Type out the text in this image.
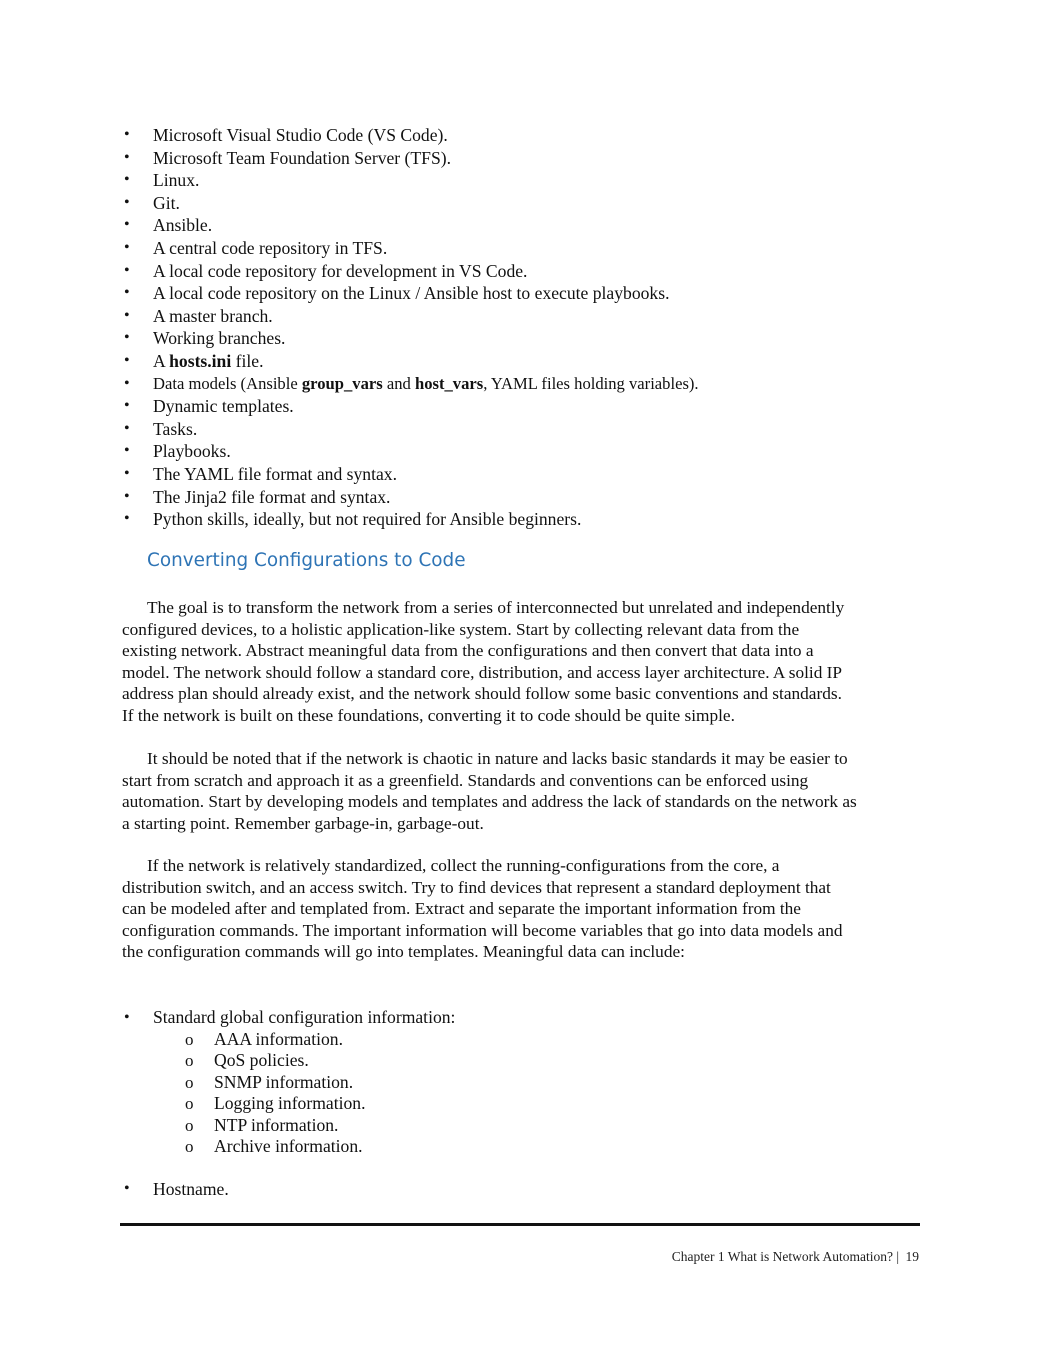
• Microsoft Visual Studio Code (VS Code).
• Microsoft Team Foundation Server (TFS).
• Linux.
• Git.
• Ansible.
• A central code repository in TFS.
• A local code repository for development in VS Code.
• A local code repository on the Linux / Ansible host to execute playbooks.
• A master branch.
• Working branches.
• A hosts.ini file.
• Data models (Ansible group_vars and host_vars, YAML files holding variables).
• Dynamic templates.
• Tasks.
• Playbooks.
• The YAML file format and syntax.
• The Jinja2 file format and syntax.
• Python skills, ideally, but not required for Ansible beginners.
Converting Configurations to Code

The goal is to transform the network from a series of interconnected but unrelated and independently
configured devices, to a holistic application-like system. Start by collecting relevant data from the
existing network. Abstract meaningful data from the configurations and then convert that data into a
model. The network should follow a standard core, distribution, and access layer architecture. A solid IP
address plan should already exist, and the network should follow some basic conventions and standards.
If the network is built on these foundations, converting it to code should be quite simple.

It should be noted that if the network is chaotic in nature and lacks basic standards it may be easier to
start from scratch and approach it as a greenfield. Standards and conventions can be enforced using
automation. Start by developing models and templates and address the lack of standards on the network as
a starting point. Remember garbage-in, garbage-out.

If the network is relatively standardized, collect the running-configurations from the core, a
distribution switch, and an access switch. Try to find devices that represent a standard deployment that
can be modeled after and templated from. Extract and separate the important information from the
configuration commands. The important information will become variables that go into data models and
the configuration commands will go into templates. Meaningful data can include:

• Standard global configuration information:
o AAA information.
o QoS policies.
o SNMP information.
o Logging information.
o NTP information.
o Archive information.
• Hostname.
Chapter 1 What is Network Automation? | 19
